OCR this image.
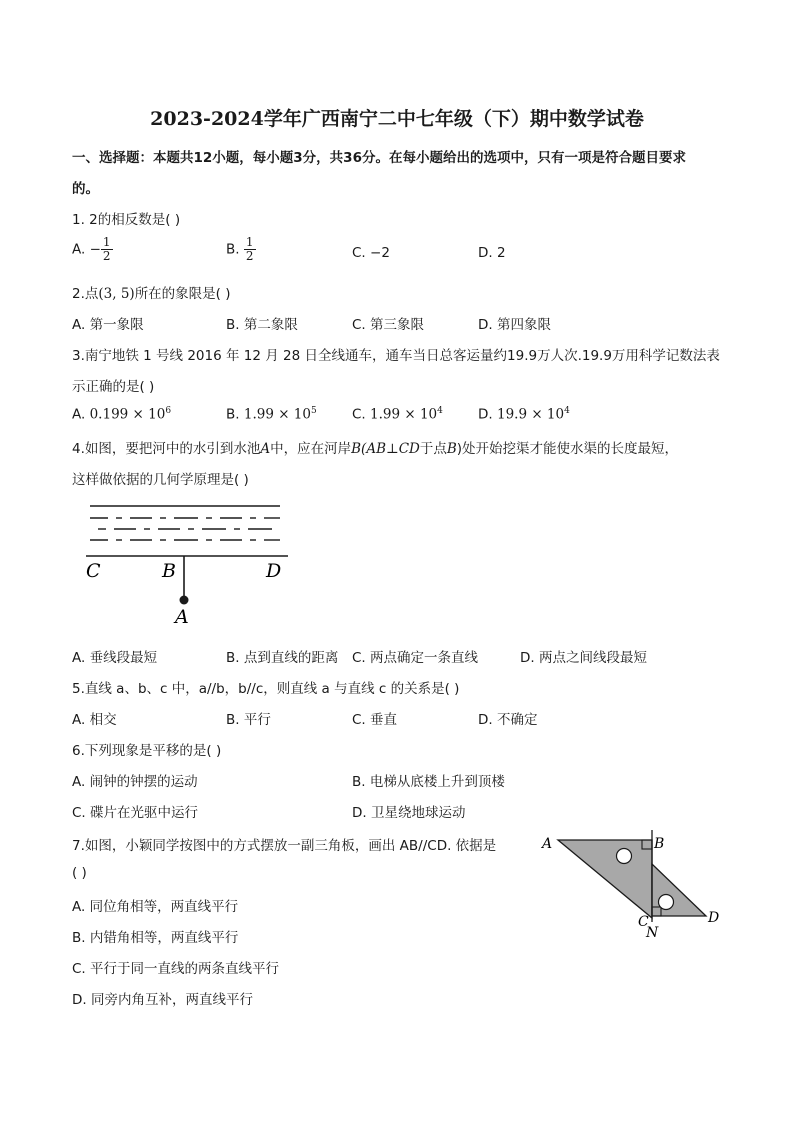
2023-2024学年广西南宁二中七年级（下）期中数学试卷
一、选择题：本题共12小题，每小题3分，共36分。在每小题给出的选项中，只有一项是符合题目要求
的。
1. 2的相反数是( )
A. − $\frac{1}{2}$	B. $\frac{1}{2}$	C. −2	D. 2
2.点(3, 5)所在的象限是( )
A. 第一象限	B. 第二象限	C. 第三象限	D. 第四象限
3.南宁地铁 1 号线 2016 年 12 月 28 日全线通车，通车当日总客运量约19.9万人次.19.9万用科学记数法表
示正确的是( )
A. $0.199 \times 10^6$	B. $1.99 \times 10^5$	C. $1.99 \times 10^4$	D. $19.9 \times 10^4$
4.如图，要把河中的水引到水池A中，应在河岸B(AB⊥CD于点B)处开始挖渠才能使水渠的长度最短，
这样做依据的几何学原理是( )
C	B	D
A
A. 垂线段最短	B. 点到直线的距离 C. 两点确定一条直线	D. 两点之间线段最短
5.直线 a、b、c 中，a//b，b//c，则直线 a 与直线 c 的关系是( )
A. 相交	B. 平行	C. 垂直	D. 不确定
6.下列现象是平移的是( )
A. 闹钟的钟摆的运动	B. 电梯从底楼上升到顶楼
C. 碟片在光驱中运行	D. 卫星绕地球运动
7.如图，小颖同学按图中的方式摆放一副三角板，画出 AB//CD. 依据是
( )
A	B
C	D
N
A. 同位角相等，两直线平行
B. 内错角相等，两直线平行
C. 平行于同一直线的两条直线平行
D. 同旁内角互补，两直线平行
